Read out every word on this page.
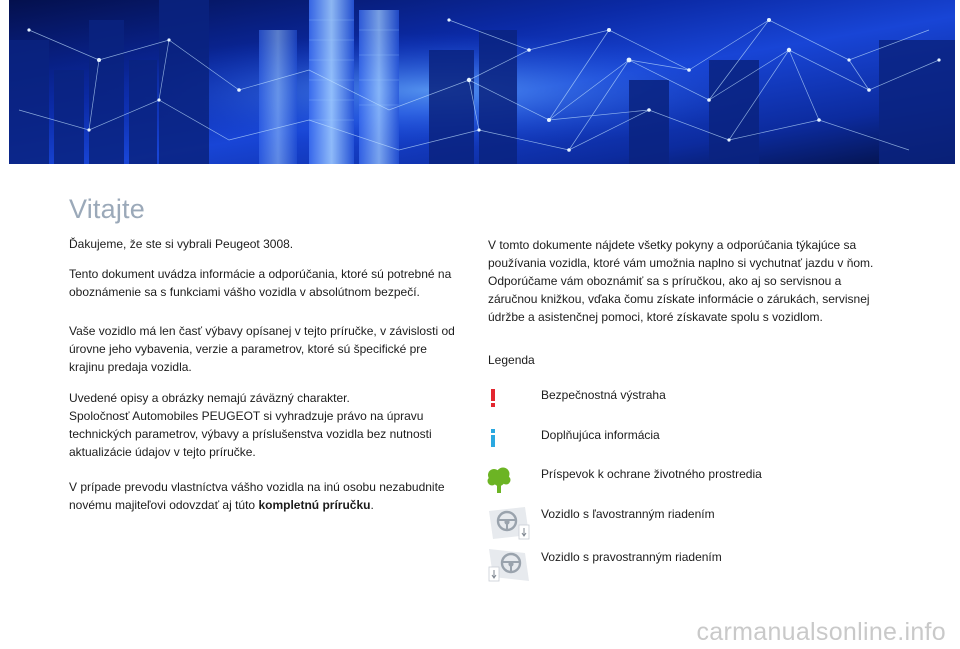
Vitajte

Ďakujeme, že ste si vybrali Peugeot 3008.

Tento dokument uvádza informácie a odporúčania, ktoré sú potrebné na oboznámenie sa s funkciami vášho vozidla v absolútnom bezpečí.

Vaše vozidlo má len časť výbavy opísanej v tejto príručke, v závislosti od úrovne jeho vybavenia, verzie a parametrov, ktoré sú špecifické pre krajinu predaja vozidla.

Uvedené opisy a obrázky nemajú záväzný charakter.
Spoločnosť Automobiles PEUGEOT si vyhradzuje právo na úpravu technických parametrov, výbavy a príslušenstva vozidla bez nutnosti aktualizácie údajov v tejto príručke.

V prípade prevodu vlastníctva vášho vozidla na inú osobu nezabudnite novému majiteľovi odovzdať aj túto kompletnú príručku.

V tomto dokumente nájdete všetky pokyny a odporúčania týkajúce sa používania vozidla, ktoré vám umožnia naplno si vychutnať jazdu v ňom. Odporúčame vám oboznámiť sa s príručkou, ako aj so servisnou a záručnou knižkou, vďaka čomu získate informácie o zárukách, servisnej údržbe a asistenčnej pomoci, ktoré získavate spolu s vozidlom.

Legenda
Bezpečnostná výstraha
Doplňujúca informácia
Príspevok k ochrane životného prostredia
Vozidlo s ľavostranným riadením
Vozidlo s pravostranným riadením
carmanualsonline.info
